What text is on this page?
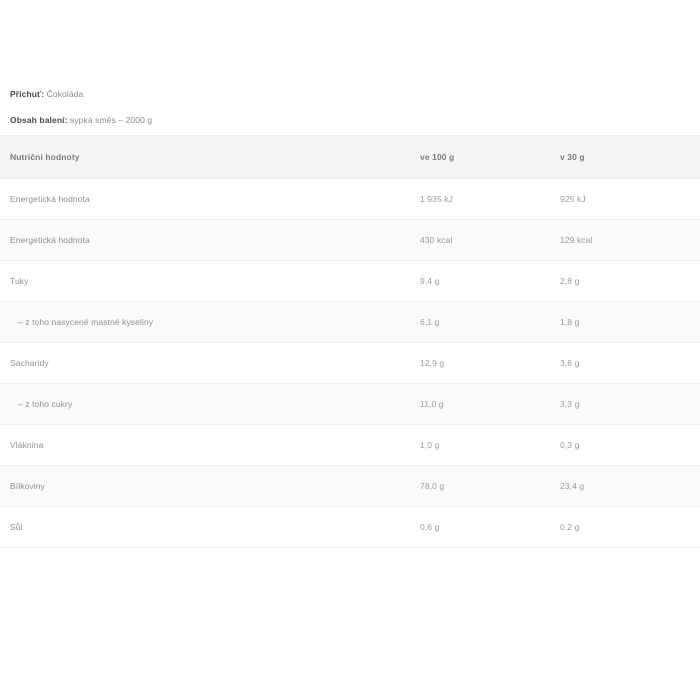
Příchuť: Čokoláda
Obsah balení: sypká směs – 2000 g
Nutriční hodnoty	ve 100 g	v 30 g
Energetická hodnota	1 935 kJ	925 kJ
Energetická hodnota	430 kcal	129 kcal
Tuky	9,4 g	2,8 g
– z toho nasycené mastné kyseliny	6,1 g	1,8 g
Sacharidy	12,9 g	3,6 g
– z toho cukry	11,0 g	3,3 g
Vláknina	1,0 g	0,3 g
Bílkoviny	78,0 g	23,4 g
Sůl	0,6 g	0,2 g
